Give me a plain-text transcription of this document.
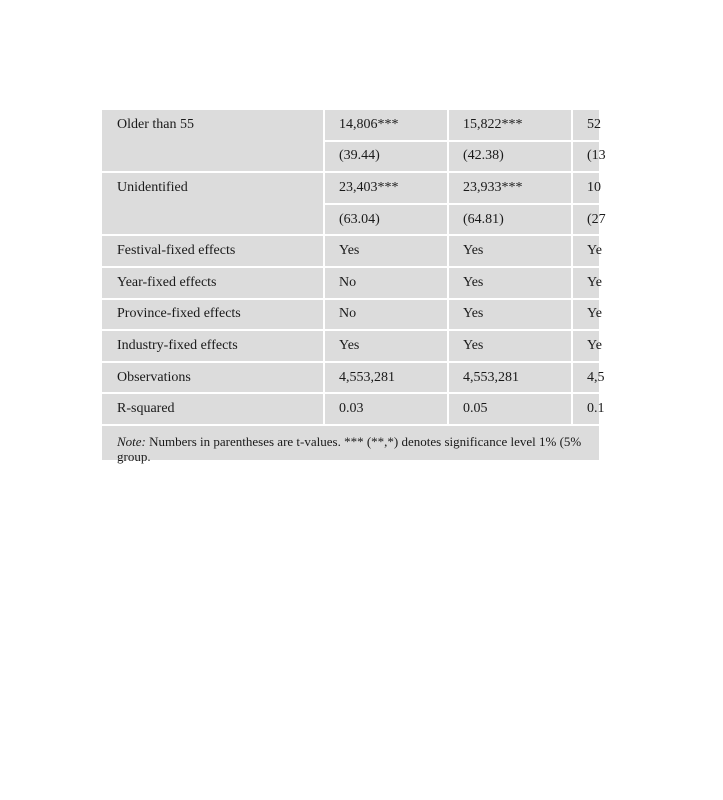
Older than 55	14,806***	15,822***	52
	(39.44)	(42.38)	(13
Unidentified	23,403***	23,933***	10
	(63.04)	(64.81)	(27
Festival-fixed effects	Yes	Yes	Ye
Year-fixed effects	No	Yes	Ye
Province-fixed effects	No	Yes	Ye
Industry-fixed effects	Yes	Yes	Ye
Observations	4,553,281	4,553,281	4,5
R-squared	0.03	0.05	0.1
Note: Numbers in parentheses are t-values. *** (**,*) denotes significance level 1% (5%
group.
